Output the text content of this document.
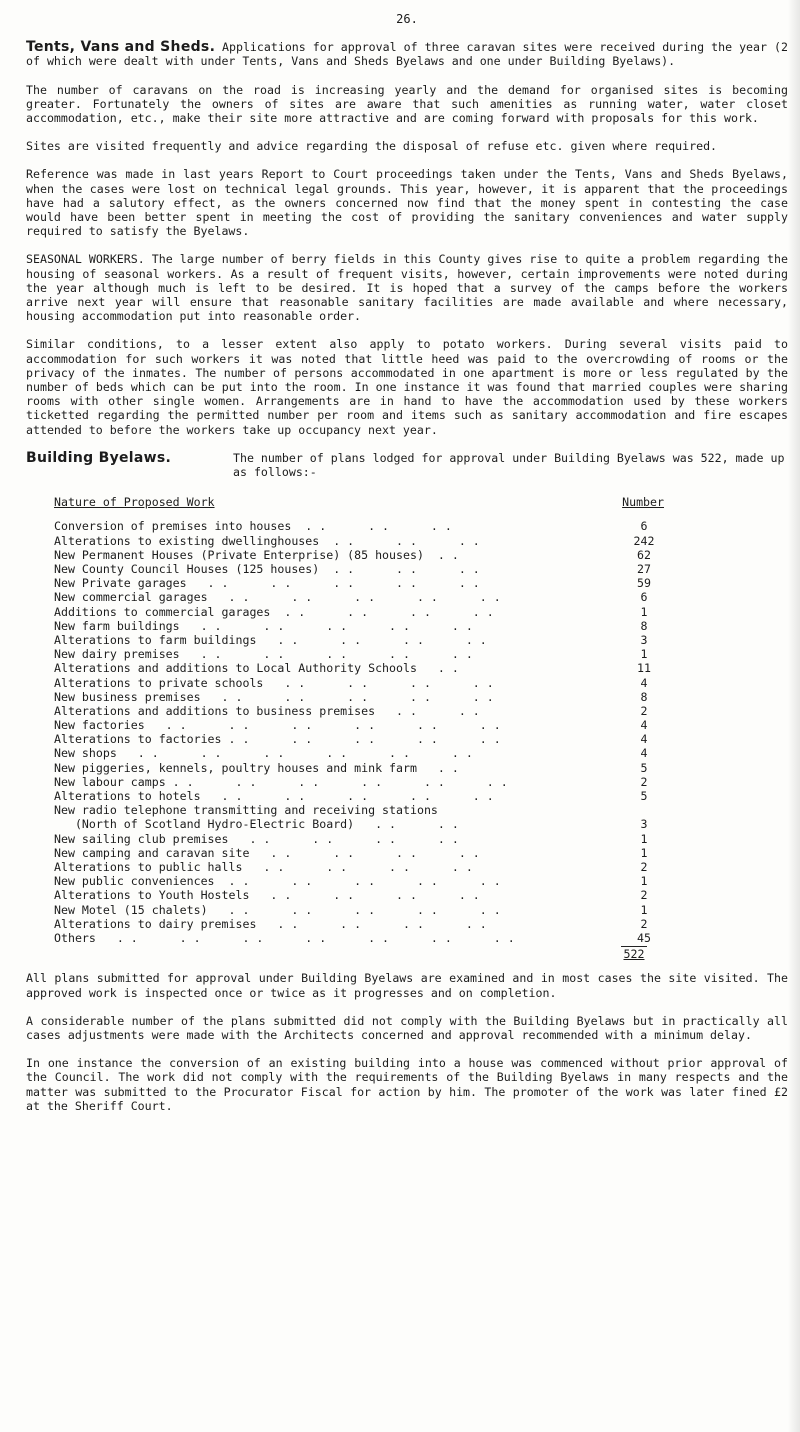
26.

Tents, Vans and Sheds. Applications for approval of three caravan sites were received during the year (2 of which were dealt with under Tents, Vans and Sheds Byelaws and one under Building Byelaws).

The number of caravans on the road is increasing yearly and the demand for organised sites is becoming greater. Fortunately the owners of sites are aware that such amenities as running water, water closet accommodation, etc., make their site more attractive and are coming forward with proposals for this work.

Sites are visited frequently and advice regarding the disposal of refuse etc. given where required.

Reference was made in last years Report to Court proceedings taken under the Tents, Vans and Sheds Byelaws, when the cases were lost on technical legal grounds. This year, however, it is apparent that the proceedings have had a salutory effect, as the owners concerned now find that the money spent in contesting the case would have been better spent in meeting the cost of providing the sanitary conveniences and water supply required to satisfy the Byelaws.

SEASONAL WORKERS. The large number of berry fields in this County gives rise to quite a problem regarding the housing of seasonal workers. As a result of frequent visits, however, certain improvements were noted during the year although much is left to be desired. It is hoped that a survey of the camps before the workers arrive next year will ensure that reasonable sanitary facilities are made available and where necessary, housing accommodation put into reasonable order.

Similar conditions, to a lesser extent also apply to potato workers. During several visits paid to accommodation for such workers it was noted that little heed was paid to the overcrowding of rooms or the privacy of the inmates. The number of persons accommodated in one apartment is more or less regulated by the number of beds which can be put into the room. In one instance it was found that married couples were sharing rooms with other single women. Arrangements are in hand to have the accommodation used by these workers ticketted regarding the permitted number per room and items such as sanitary accommodation and fire escapes attended to before the workers take up occupancy next year.

Building Byelaws.	The number of plans lodged for approval under Building Byelaws was 522, made up as follows:-
Nature of Proposed Work	Number
Conversion of premises into houses  . .      . .      . .	6
Alterations to existing dwellinghouses  . .      . .      . .	242
New Permanent Houses (Private Enterprise) (85 houses)  . .	62
New County Council Houses (125 houses)  . .      . .      . .	27
New Private garages   . .      . .      . .      . .      . .	59
New commercial garages   . .      . .      . .      . .      . .	6
Additions to commercial garages  . .      . .      . .      . .	1
New farm buildings   . .      . .      . .      . .      . .	8
Alterations to farm buildings   . .      . .      . .      . .	3
New dairy premises   . .      . .      . .      . .      . .	1
Alterations and additions to Local Authority Schools   . .	11
Alterations to private schools   . .      . .      . .      . .	4
New business premises   . .      . .      . .      . .      . .	8
Alterations and additions to business premises   . .      . .	2
New factories   . .      . .      . .      . .      . .      . .	4
Alterations to factories . .      . .      . .      . .      . .	4
New shops   . .      . .      . .      . .      . .      . .	4
New piggeries, kennels, poultry houses and mink farm   . .	5
New labour camps . .      . .      . .      . .      . .      . .	2
Alterations to hotels   . .      . .      . .      . .      . .	5
New radio telephone transmitting and receiving stations
(North of Scotland Hydro-Electric Board)   . .      . .	3
New sailing club premises   . .      . .      . .      . .	1
New camping and caravan site   . .      . .      . .      . .	1
Alterations to public halls   . .      . .      . .      . .	2
New public conveniences  . .      . .      . .      . .      . .	1
Alterations to Youth Hostels   . .      . .      . .      . .	2
New Motel (15 chalets)   . .      . .      . .      . .      . .	1
Alterations to dairy premises   . .      . .      . .      . .	2
Others   . .      . .      . .      . .      . .      . .      . .	45
522

All plans submitted for approval under Building Byelaws are examined and in most cases the site visited. The approved work is inspected once or twice as it progresses and on completion.

A considerable number of the plans submitted did not comply with the Building Byelaws but in practically all cases adjustments were made with the Architects concerned and approval recommended with a minimum delay.

In one instance the conversion of an existing building into a house was commenced without prior approval of the Council. The work did not comply with the requirements of the Building Byelaws in many respects and the matter was submitted to the Procurator Fiscal for action by him. The promoter of the work was later fined £2 at the Sheriff Court.
